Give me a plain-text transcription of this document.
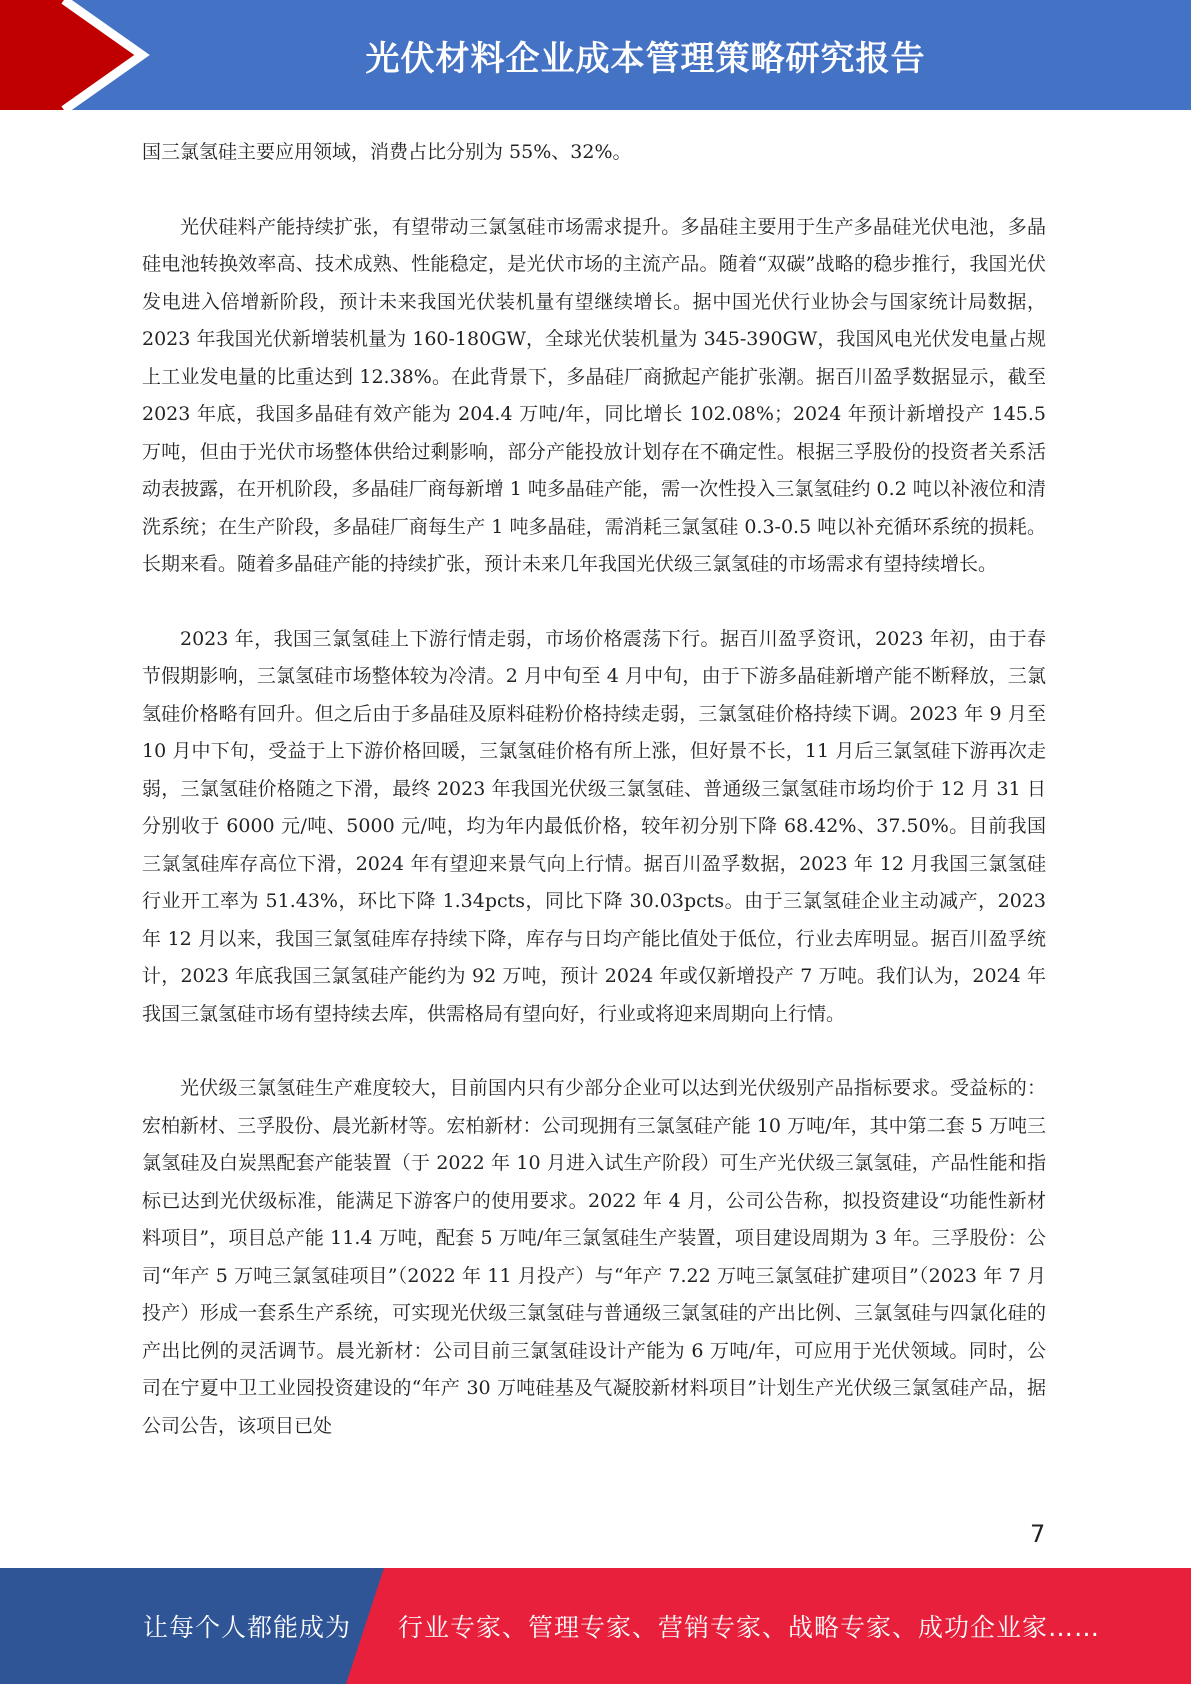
光伏材料企业成本管理策略研究报告

国三氯氢硅主要应用领域，消费占比分别为 55%、32%。

光伏硅料产能持续扩张，有望带动三氯氢硅市场需求提升。多晶硅主要用于生产多晶硅光伏电池，多晶硅电池转换效率高、技术成熟、性能稳定，是光伏市场的主流产品。随着“双碳”战略的稳步推行，我国光伏发电进入倍增新阶段，预计未来我国光伏装机量有望继续增长。据中国光伏行业协会与国家统计局数据，2023 年我国光伏新增装机量为 160-180GW，全球光伏装机量为 345-390GW，我国风电光伏发电量占规上工业发电量的比重达到 12.38%。在此背景下，多晶硅厂商掀起产能扩张潮。据百川盈孚数据显示，截至 2023 年底，我国多晶硅有效产能为 204.4 万吨/年，同比增长 102.08%；2024 年预计新增投产 145.5 万吨，但由于光伏市场整体供给过剩影响，部分产能投放计划存在不确定性。根据三孚股份的投资者关系活动表披露，在开机阶段，多晶硅厂商每新增 1 吨多晶硅产能，需一次性投入三氯氢硅约 0.2 吨以补液位和清洗系统；在生产阶段，多晶硅厂商每生产 1 吨多晶硅，需消耗三氯氢硅 0.3-0.5 吨以补充循环系统的损耗。长期来看。随着多晶硅产能的持续扩张，预计未来几年我国光伏级三氯氢硅的市场需求有望持续增长。

2023 年，我国三氯氢硅上下游行情走弱，市场价格震荡下行。据百川盈孚资讯，2023 年初，由于春节假期影响，三氯氢硅市场整体较为冷清。2 月中旬至 4 月中旬，由于下游多晶硅新增产能不断释放，三氯氢硅价格略有回升。但之后由于多晶硅及原料硅粉价格持续走弱，三氯氢硅价格持续下调。2023 年 9 月至 10 月中下旬，受益于上下游价格回暖，三氯氢硅价格有所上涨，但好景不长，11 月后三氯氢硅下游再次走弱，三氯氢硅价格随之下滑，最终 2023 年我国光伏级三氯氢硅、普通级三氯氢硅市场均价于 12 月 31 日分别收于 6000 元/吨、5000 元/吨，均为年内最低价格，较年初分别下降 68.42%、37.50%。目前我国三氯氢硅库存高位下滑，2024 年有望迎来景气向上行情。据百川盈孚数据，2023 年 12 月我国三氯氢硅行业开工率为 51.43%，环比下降 1.34pcts，同比下降 30.03pcts。由于三氯氢硅企业主动减产，2023 年 12 月以来，我国三氯氢硅库存持续下降，库存与日均产能比值处于低位，行业去库明显。据百川盈孚统计，2023 年底我国三氯氢硅产能约为 92 万吨，预计 2024 年或仅新增投产 7 万吨。我们认为，2024 年我国三氯氢硅市场有望持续去库，供需格局有望向好，行业或将迎来周期向上行情。

光伏级三氯氢硅生产难度较大，目前国内只有少部分企业可以达到光伏级别产品指标要求。受益标的：宏柏新材、三孚股份、晨光新材等。宏柏新材：公司现拥有三氯氢硅产能 10 万吨/年，其中第二套 5 万吨三氯氢硅及白炭黑配套产能装置（于 2022 年 10 月进入试生产阶段）可生产光伏级三氯氢硅，产品性能和指标已达到光伏级标准，能满足下游客户的使用要求。2022 年 4 月，公司公告称，拟投资建设“功能性新材料项目”，项目总产能 11.4 万吨，配套 5 万吨/年三氯氢硅生产装置，项目建设周期为 3 年。三孚股份：公司“年产 5 万吨三氯氢硅项目”（2022 年 11 月投产）与“年产 7.22 万吨三氯氢硅扩建项目”（2023 年 7 月投产）形成一套系生产系统，可实现光伏级三氯氢硅与普通级三氯氢硅的产出比例、三氯氢硅与四氯化硅的产出比例的灵活调节。晨光新材：公司目前三氯氢硅设计产能为 6 万吨/年，可应用于光伏领域。同时，公司在宁夏中卫工业园投资建设的“年产 30 万吨硅基及气凝胶新材料项目”计划生产光伏级三氯氢硅产品，据公司公告，该项目已处

7
让每个人都能成为 行业专家、管理专家、营销专家、战略专家、成功企业家……
